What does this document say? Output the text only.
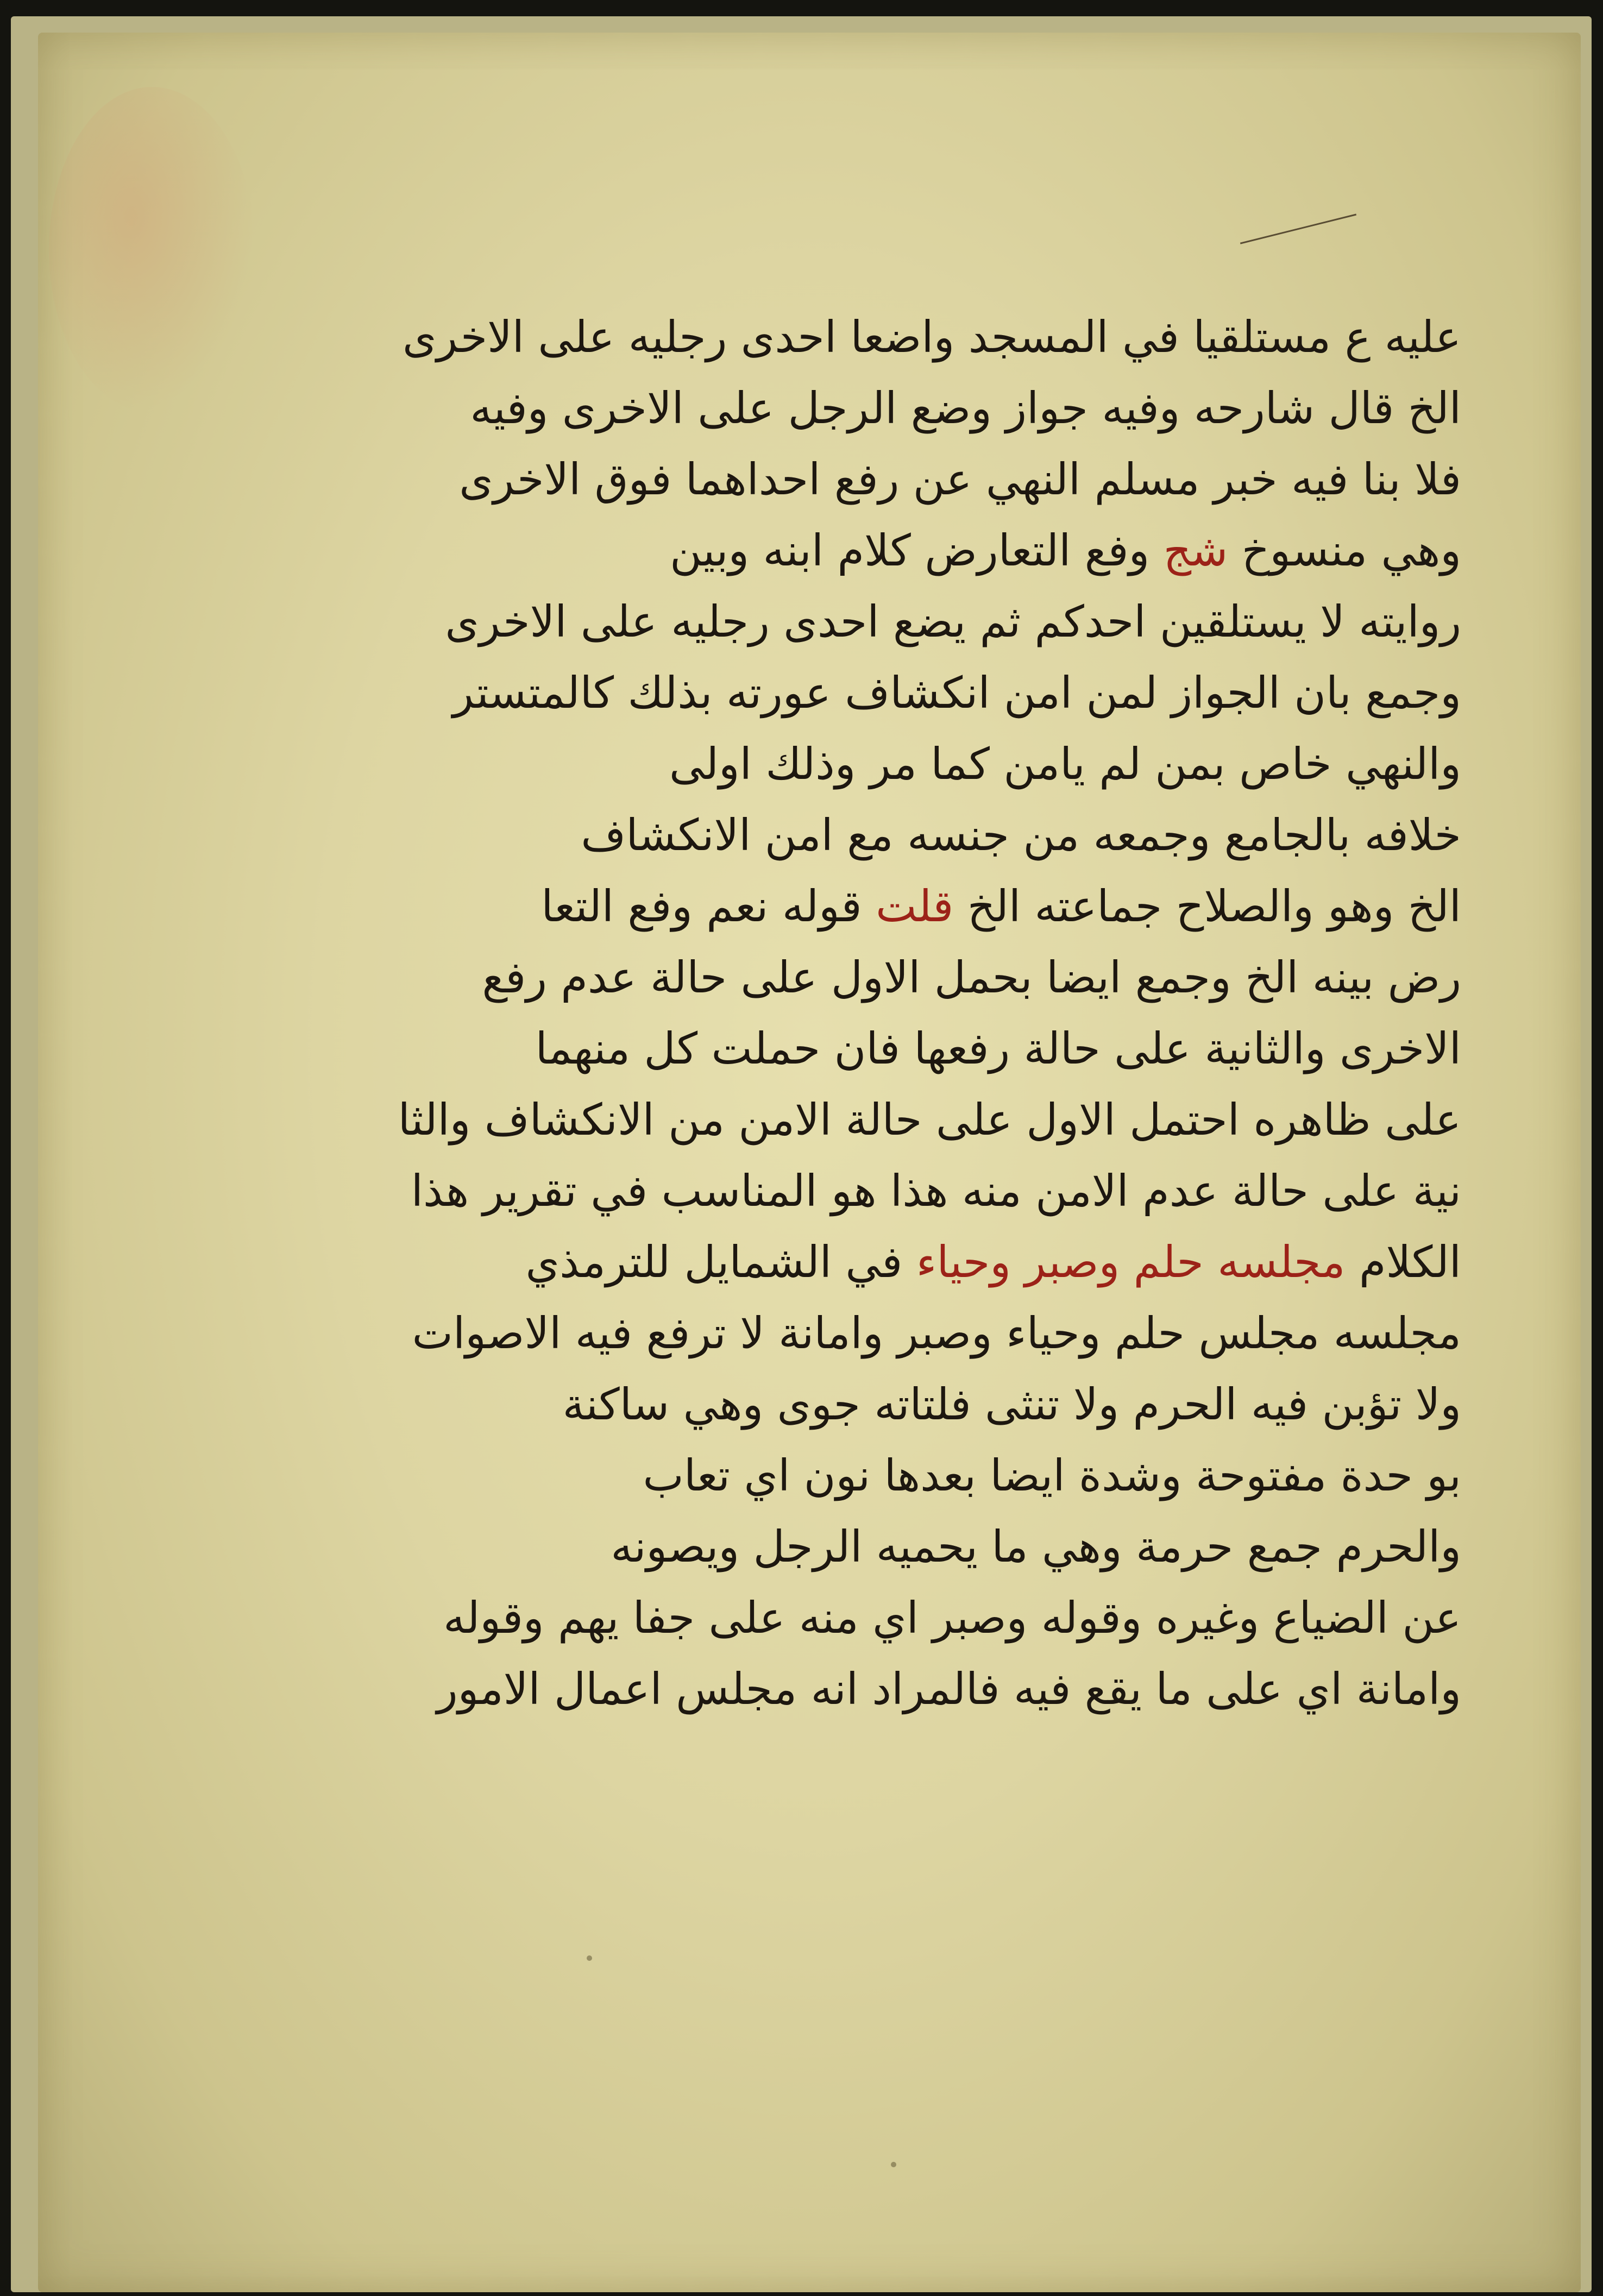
عليه ع مستلقيا في المسجد واضعا احدى رجليه على الاخرى
الخ قال شارحه وفيه جواز وضع الرجل على الاخرى وفيه
فلا بنا فيه خبر مسلم النهي عن رفع احداهما فوق الاخرى
وهي منسوخ شج وفع التعارض كلام ابنه وبين
روايته لا يستلقين احدكم ثم يضع احدى رجليه على الاخرى
وجمع بان الجواز لمن امن انكشاف عورته بذلك كالمتستر
والنهي خاص بمن لم يامن كما مر وذلك اولى
خلافه بالجامع وجمعه من جنسه مع امن الانكشاف
الخ وهو والصلاح جماعته الخ قلت قوله نعم وفع التعا
رض بينه الخ وجمع ايضا بحمل الاول على حالة عدم رفع
الاخرى والثانية على حالة رفعها فان حملت كل منهما
على ظاهره احتمل الاول على حالة الامن من الانكشاف والثا
نية على حالة عدم الامن منه هذا هو المناسب في تقرير هذا
الكلام مجلسه حلم وصبر وحياء في الشمايل للترمذي
مجلسه مجلس حلم وحياء وصبر وامانة لا ترفع فيه الاصوات
ولا تؤبن فيه الحرم ولا تنثى فلتاته جوى وهي ساكنة
بو حدة مفتوحة وشدة ايضا بعدها نون اي تعاب
والحرم جمع حرمة وهي ما يحميه الرجل ويصونه
عن الضياع وغيره وقوله وصبر اي منه على جفا يهم وقوله
وامانة اي على ما يقع فيه فالمراد انه مجلس اعمال الامور
